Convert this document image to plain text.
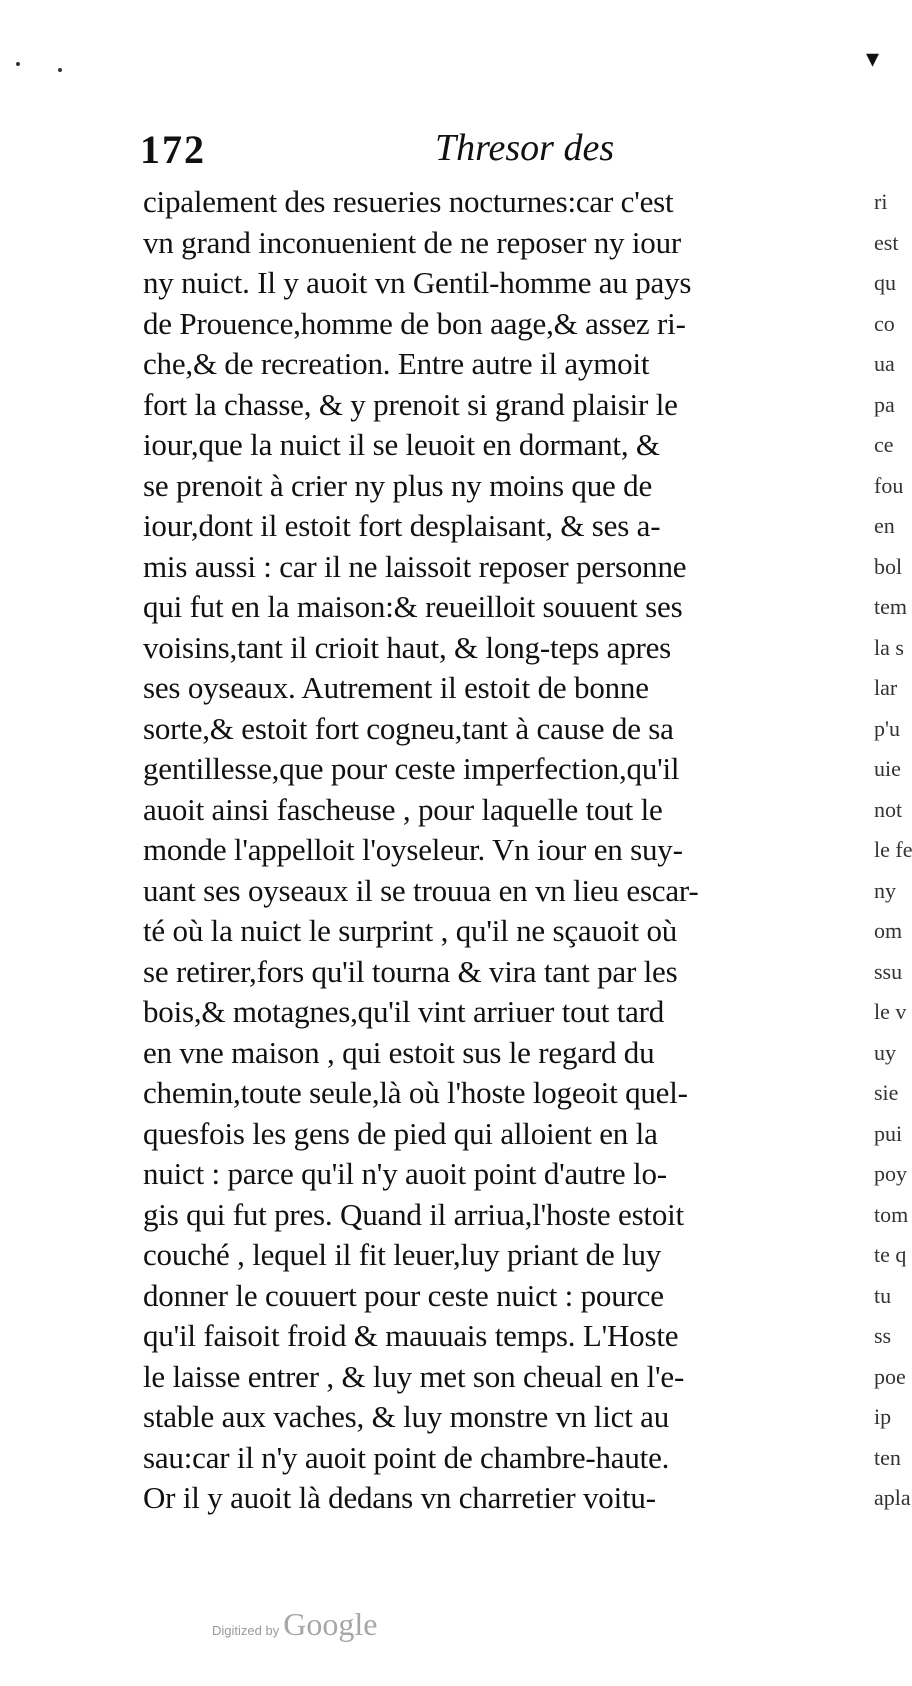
▾
172	Thresor des
cipalement des resueries nocturnes:car c'est
vn grand inconuenient de ne reposer ny iour
ny nuict. Il y auoit vn Gentil-homme au pays
de Prouence,homme de bon aage,& assez ri-
che,& de recreation. Entre autre il aymoit
fort la chasse, & y prenoit si grand plaisir le
iour,que la nuict il se leuoit en dormant, &
se prenoit à crier ny plus ny moins que de
iour,dont il estoit fort desplaisant, & ses a-
mis aussi : car il ne laissoit reposer personne
qui fut en la maison:& reueilloit souuent ses
voisins,tant il crioit haut, & long-teps apres
ses oyseaux. Autrement il estoit de bonne
sorte,& estoit fort cogneu,tant à cause de sa
gentillesse,que pour ceste imperfection,qu'il
auoit ainsi fascheuse , pour laquelle tout le
monde l'appelloit l'oyseleur. Vn iour en suy-
uant ses oyseaux il se trouua en vn lieu escar-
té où la nuict le surprint , qu'il ne sçauoit où
se retirer,fors qu'il tourna & vira tant par les
bois,& motagnes,qu'il vint arriuer tout tard
en vne maison , qui estoit sus le regard du
chemin,toute seule,là où l'hoste logeoit quel-
quesfois les gens de pied qui alloient en la
nuict : parce qu'il n'y auoit point d'autre lo-
gis qui fut pres. Quand il arriua,l'hoste estoit
couché , lequel il fit leuer,luy priant de luy
donner le couuert pour ceste nuict : pource
qu'il faisoit froid & mauuais temps. L'Hoste
le laisse entrer , & luy met son cheual en l'e-
stable aux vaches, & luy monstre vn lict au
sau:car il n'y auoit point de chambre-haute.
Or il y auoit là dedans vn charretier voitu-
ri
est
qu
co
ua
pa
ce
fou
en
bol
tem
la s
lar
p'u
uie
not
le fe
ny
om
ssu
le v
uy
sie
pui
poy
tom
te q
tu
ss
poe
ip
ten
apla
Digitized by Google
